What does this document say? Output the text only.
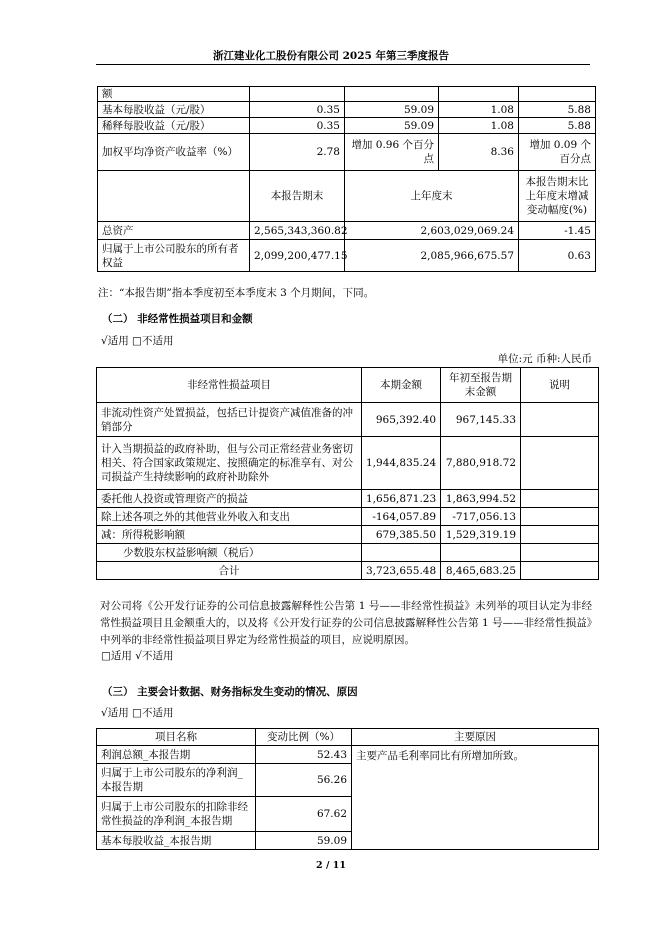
浙江建业化工股份有限公司 2025 年第三季度报告
额				
基本每股收益（元/股）	0.35	59.09	1.08	5.88
稀释每股收益（元/股）	0.35	59.09	1.08	5.88
加权平均净资产收益率（%）	2.78	增加 0.96 个百分点	8.36	增加 0.09 个百分点
	本报告期末	上年度末		本报告期末比上年度末增减变动幅度(%)
总资产	2,565,343,360.82	2,603,029,069.24		-1.45
归属于上市公司股东的所有者权益	2,099,200,477.15	2,085,966,675.57		0.63
注：“本报告期”指本季度初至本季度末 3 个月期间，下同。
（二） 非经常性损益项目和金额
√适用 □不适用
单位:元 币种:人民币
非经常性损益项目	本期金额	年初至报告期末金额	说明
非流动性资产处置损益，包括已计提资产减值准备的冲销部分	965,392.40	967,145.33	
计入当期损益的政府补助，但与公司正常经营业务密切相关、符合国家政策规定、按照确定的标准享有、对公司损益产生持续影响的政府补助除外	1,944,835.24	7,880,918.72	
委托他人投资或管理资产的损益	1,656,871.23	1,863,994.52	
除上述各项之外的其他营业外收入和支出	-164,057.89	-717,056.13	
减：所得税影响额	679,385.50	1,529,319.19	
少数股东权益影响额（税后）			
合计	3,723,655.48	8,465,683.25	
对公司将《公开发行证券的公司信息披露解释性公告第 1 号——非经常性损益》未列举的项目认定为非经常性损益项目且金额重大的，以及将《公开发行证券的公司信息披露解释性公告第 1 号——非经常性损益》中列举的非经常性损益项目界定为经常性损益的项目，应说明原因。
□适用 √不适用
（三） 主要会计数据、财务指标发生变动的情况、原因
√适用 □不适用
项目名称	变动比例（%）	主要原因
利润总额_本报告期	52.43	主要产品毛利率同比有所增加所致。
归属于上市公司股东的净利润_本报告期	56.26	
归属于上市公司股东的扣除非经常性损益的净利润_本报告期	67.62	
基本每股收益_本报告期	59.09	
2 / 11
